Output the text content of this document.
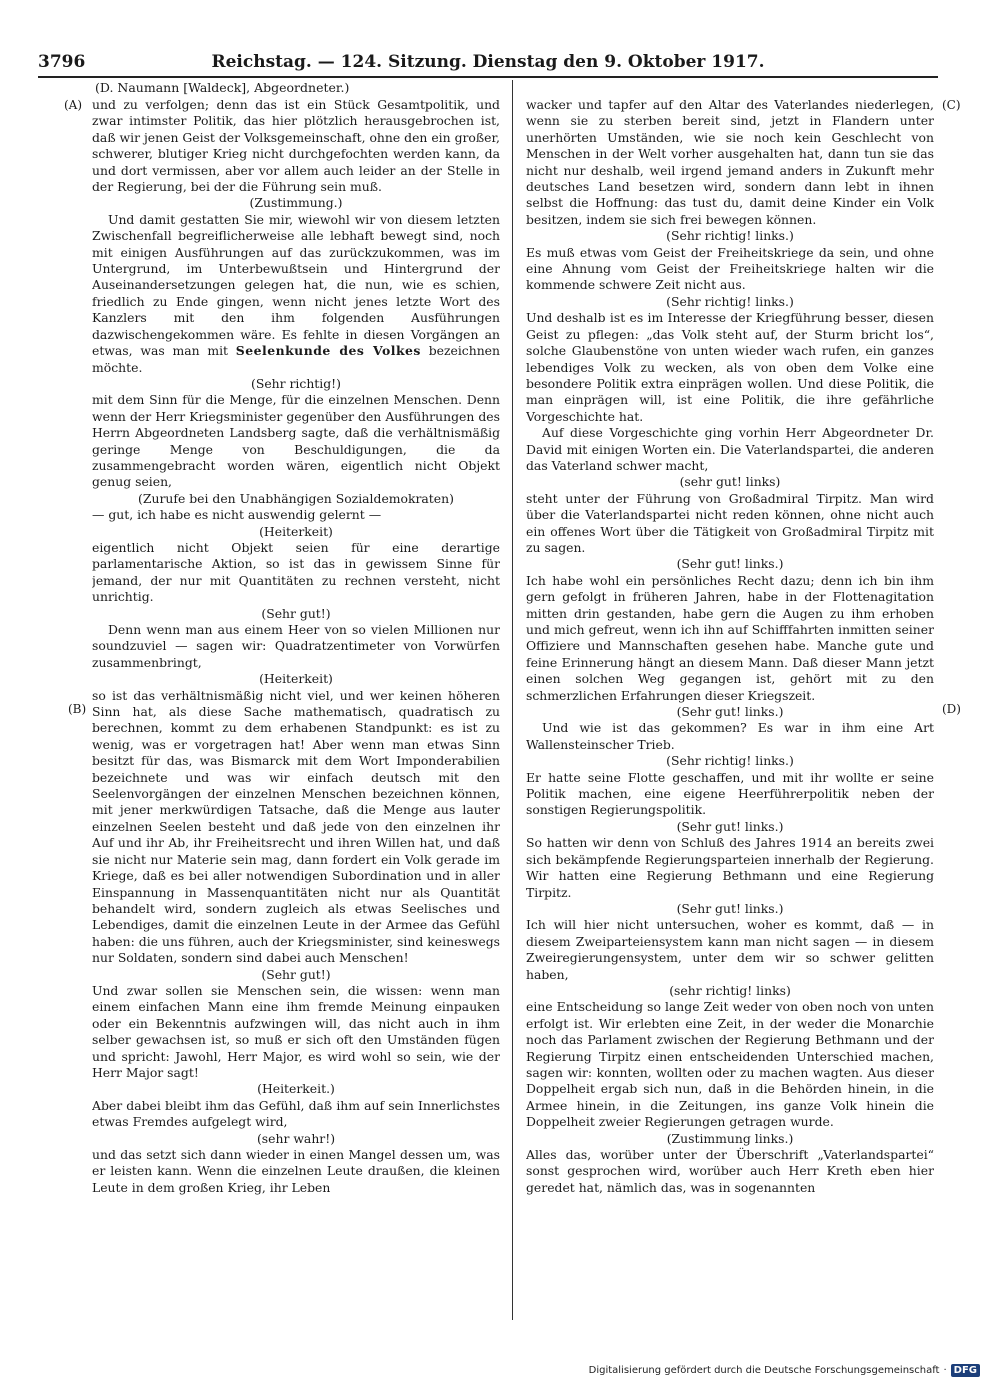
3796	Reichstag. — 124. Sitzung. Dienstag den 9. Oktober 1917.
(D. Naumann [Waldeck], Abgeordneter.)
(A)
(B)
(C)
(D)

und zu verfolgen; denn das ist ein Stück Gesamtpolitik, und zwar intimster Politik, das hier plötzlich herausgebrochen ist, daß wir jenen Geist der Volksgemeinschaft, ohne den ein großer, schwerer, blutiger Krieg nicht durchgefochten werden kann, da und dort vermissen, aber vor allem auch leider an der Stelle in der Regierung, bei der die Führung sein muß.

(Zustimmung.)

Und damit gestatten Sie mir, wiewohl wir von diesem letzten Zwischenfall begreiflicherweise alle lebhaft bewegt sind, noch mit einigen Ausführungen auf das zurückzukommen, was im Untergrund, im Unterbewußtsein und Hintergrund der Auseinandersetzungen gelegen hat, die nun, wie es schien, friedlich zu Ende gingen, wenn nicht jenes letzte Wort des Kanzlers mit den ihm folgenden Ausführungen dazwischengekommen wäre. Es fehlte in diesen Vorgängen an etwas, was man mit Seelenkunde des Volkes bezeichnen möchte.

(Sehr richtig!)

mit dem Sinn für die Menge, für die einzelnen Menschen. Denn wenn der Herr Kriegsminister gegenüber den Ausführungen des Herrn Abgeordneten Landsberg sagte, daß die verhältnismäßig geringe Menge von Beschuldigungen, die da zusammengebracht worden wären, eigentlich nicht Objekt genug seien,

(Zurufe bei den Unabhängigen Sozialdemokraten)

— gut, ich habe es nicht auswendig gelernt —

(Heiterkeit)

eigentlich nicht Objekt seien für eine derartige parlamentarische Aktion, so ist das in gewissem Sinne für jemand, der nur mit Quantitäten zu rechnen versteht, nicht unrichtig.

(Sehr gut!)

Denn wenn man aus einem Heer von so vielen Millionen nur soundzuviel — sagen wir: Quadratzentimeter von Vorwürfen zusammenbringt,

(Heiterkeit)

so ist das verhältnismäßig nicht viel, und wer keinen höheren Sinn hat, als diese Sache mathematisch, quadratisch zu berechnen, kommt zu dem erhabenen Standpunkt: es ist zu wenig, was er vorgetragen hat! Aber wenn man etwas Sinn besitzt für das, was Bismarck mit dem Wort Imponderabilien bezeichnete und was wir einfach deutsch mit den Seelenvorgängen der einzelnen Menschen bezeichnen können, mit jener merkwürdigen Tatsache, daß die Menge aus lauter einzelnen Seelen besteht und daß jede von den einzelnen ihr Auf und ihr Ab, ihr Freiheitsrecht und ihren Willen hat, und daß sie nicht nur Materie sein mag, dann fordert ein Volk gerade im Kriege, daß es bei aller notwendigen Subordination und in aller Einspannung in Massenquantitäten nicht nur als Quantität behandelt wird, sondern zugleich als etwas Seelisches und Lebendiges, damit die einzelnen Leute in der Armee das Gefühl haben: die uns führen, auch der Kriegsminister, sind keineswegs nur Soldaten, sondern sind dabei auch Menschen!

(Sehr gut!)

Und zwar sollen sie Menschen sein, die wissen: wenn man einem einfachen Mann eine ihm fremde Meinung einpauken oder ein Bekenntnis aufzwingen will, das nicht auch in ihm selber gewachsen ist, so muß er sich oft den Umständen fügen und spricht: Jawohl, Herr Major, es wird wohl so sein, wie der Herr Major sagt!

(Heiterkeit.)

Aber dabei bleibt ihm das Gefühl, daß ihm auf sein Innerlichstes etwas Fremdes aufgelegt wird,

(sehr wahr!)

und das setzt sich dann wieder in einen Mangel dessen um, was er leisten kann. Wenn die einzelnen Leute draußen, die kleinen Leute in dem großen Krieg, ihr Leben

wacker und tapfer auf den Altar des Vaterlandes niederlegen, wenn sie zu sterben bereit sind, jetzt in Flandern unter unerhörten Umständen, wie sie noch kein Geschlecht von Menschen in der Welt vorher ausgehalten hat, dann tun sie das nicht nur deshalb, weil irgend jemand anders in Zukunft mehr deutsches Land besetzen wird, sondern dann lebt in ihnen selbst die Hoffnung: das tust du, damit deine Kinder ein Volk besitzen, indem sie sich frei bewegen können.

(Sehr richtig! links.)

Es muß etwas vom Geist der Freiheitskriege da sein, und ohne eine Ahnung vom Geist der Freiheitskriege halten wir die kommende schwere Zeit nicht aus.

(Sehr richtig! links.)

Und deshalb ist es im Interesse der Kriegführung besser, diesen Geist zu pflegen: „das Volk steht auf, der Sturm bricht los“, solche Glaubenstöne von unten wieder wach rufen, ein ganzes lebendiges Volk zu wecken, als von oben dem Volke eine besondere Politik extra einprägen wollen. Und diese Politik, die man einprägen will, ist eine Politik, die ihre gefährliche Vorgeschichte hat.

Auf diese Vorgeschichte ging vorhin Herr Abgeordneter Dr. David mit einigen Worten ein. Die Vaterlandspartei, die anderen das Vaterland schwer macht,

(sehr gut! links)

steht unter der Führung von Großadmiral Tirpitz. Man wird über die Vaterlandspartei nicht reden können, ohne nicht auch ein offenes Wort über die Tätigkeit von Großadmiral Tirpitz mit zu sagen.

(Sehr gut! links.)

Ich habe wohl ein persönliches Recht dazu; denn ich bin ihm gern gefolgt in früheren Jahren, habe in der Flottenagitation mitten drin gestanden, habe gern die Augen zu ihm erhoben und mich gefreut, wenn ich ihn auf Schifffahrten inmitten seiner Offiziere und Mannschaften gesehen habe. Manche gute und feine Erinnerung hängt an diesem Mann. Daß dieser Mann jetzt einen solchen Weg gegangen ist, gehört mit zu den schmerzlichen Erfahrungen dieser Kriegszeit.

(Sehr gut! links.)

Und wie ist das gekommen? Es war in ihm eine Art Wallensteinscher Trieb.

(Sehr richtig! links.)

Er hatte seine Flotte geschaffen, und mit ihr wollte er seine Politik machen, eine eigene Heerführerpolitik neben der sonstigen Regierungspolitik.

(Sehr gut! links.)

So hatten wir denn von Schluß des Jahres 1914 an bereits zwei sich bekämpfende Regierungsparteien innerhalb der Regierung. Wir hatten eine Regierung Bethmann und eine Regierung Tirpitz.

(Sehr gut! links.)

Ich will hier nicht untersuchen, woher es kommt, daß — in diesem Zweiparteiensystem kann man nicht sagen — in diesem Zweiregierungensystem, unter dem wir so schwer gelitten haben,

(sehr richtig! links)

eine Entscheidung so lange Zeit weder von oben noch von unten erfolgt ist. Wir erlebten eine Zeit, in der weder die Monarchie noch das Parlament zwischen der Regierung Bethmann und der Regierung Tirpitz einen entscheidenden Unterschied machen, sagen wir: konnten, wollten oder zu machen wagten. Aus dieser Doppelheit ergab sich nun, daß in die Behörden hinein, in die Armee hinein, in die Zeitungen, ins ganze Volk hinein die Doppelheit zweier Regierungen getragen wurde.

(Zustimmung links.)

Alles das, worüber unter der Überschrift „Vaterlandspartei“ sonst gesprochen wird, worüber auch Herr Kreth eben hier geredet hat, nämlich das, was in sogenannten

Digitalisierung gefördert durch die Deutsche Forschungsgemeinschaft · DFG
